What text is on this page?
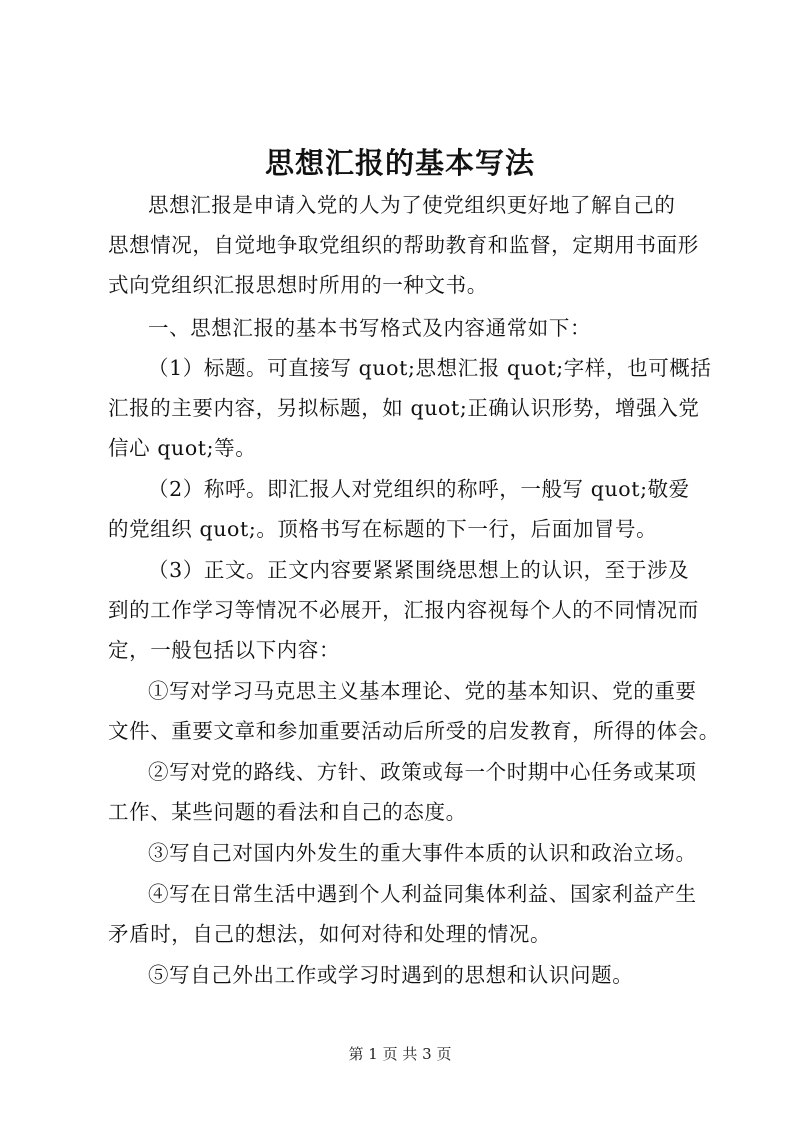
思想汇报的基本写法
思想汇报是申请入党的人为了使党组织更好地了解自己的
思想情况，自觉地争取党组织的帮助教育和监督，定期用书面形
式向党组织汇报思想时所用的一种文书。
一、思想汇报的基本书写格式及内容通常如下：
（1）标题。可直接写 quot;思想汇报 quot;字样，也可概括
汇报的主要内容，另拟标题，如 quot;正确认识形势，增强入党
信心 quot;等。
（2）称呼。即汇报人对党组织的称呼，一般写 quot;敬爱
的党组织 quot;。顶格书写在标题的下一行，后面加冒号。
（3）正文。正文内容要紧紧围绕思想上的认识，至于涉及
到的工作学习等情况不必展开，汇报内容视每个人的不同情况而
定，一般包括以下内容：
①写对学习马克思主义基本理论、党的基本知识、党的重要
文件、重要文章和参加重要活动后所受的启发教育，所得的体会。
②写对党的路线、方针、政策或每一个时期中心任务或某项
工作、某些问题的看法和自己的态度。
③写自己对国内外发生的重大事件本质的认识和政治立场。
④写在日常生活中遇到个人利益同集体利益、国家利益产生
矛盾时，自己的想法，如何对待和处理的情况。
⑤写自己外出工作或学习时遇到的思想和认识问题。
第 1 页 共 3 页
